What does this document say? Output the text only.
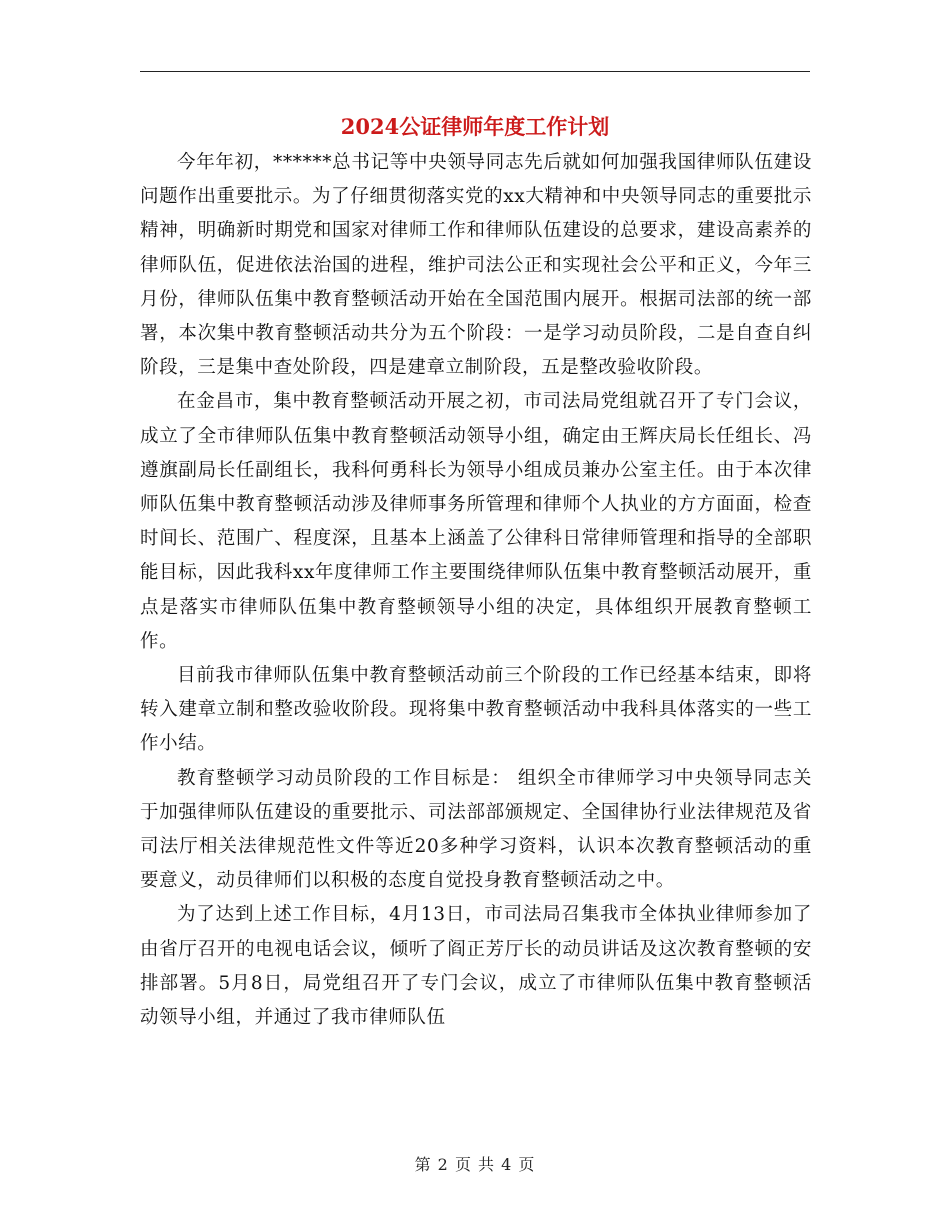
2024公证律师年度工作计划

今年年初，******总书记等中央领导同志先后就如何加强我国律师队伍建设问题作出重要批示。为了仔细贯彻落实党的xx大精神和中央领导同志的重要批示精神，明确新时期党和国家对律师工作和律师队伍建设的总要求，建设高素养的律师队伍，促进依法治国的进程，维护司法公正和实现社会公平和正义，今年三月份，律师队伍集中教育整顿活动开始在全国范围内展开。根据司法部的统一部署，本次集中教育整顿活动共分为五个阶段：一是学习动员阶段，二是自查自纠阶段，三是集中查处阶段，四是建章立制阶段，五是整改验收阶段。

在金昌市，集中教育整顿活动开展之初，市司法局党组就召开了专门会议，成立了全市律师队伍集中教育整顿活动领导小组，确定由王辉庆局长任组长、冯遵旗副局长任副组长，我科何勇科长为领导小组成员兼办公室主任。由于本次律师队伍集中教育整顿活动涉及律师事务所管理和律师个人执业的方方面面，检查时间长、范围广、程度深，且基本上涵盖了公律科日常律师管理和指导的全部职能目标，因此我科xx年度律师工作主要围绕律师队伍集中教育整顿活动展开，重点是落实市律师队伍集中教育整顿领导小组的决定，具体组织开展教育整顿工作。

目前我市律师队伍集中教育整顿活动前三个阶段的工作已经基本结束，即将转入建章立制和整改验收阶段。现将集中教育整顿活动中我科具体落实的一些工作小结。

教育整顿学习动员阶段的工作目标是： 组织全市律师学习中央领导同志关于加强律师队伍建设的重要批示、司法部部颁规定、全国律协行业法律规范及省司法厅相关法律规范性文件等近20多种学习资料，认识本次教育整顿活动的重要意义，动员律师们以积极的态度自觉投身教育整顿活动之中。

为了达到上述工作目标，4月13日，市司法局召集我市全体执业律师参加了由省厅召开的电视电话会议，倾听了阎正芳厅长的动员讲话及这次教育整顿的安排部署。5月8日，局党组召开了专门会议，成立了市律师队伍集中教育整顿活动领导小组，并通过了我市律师队伍

第 2 页 共 4 页
